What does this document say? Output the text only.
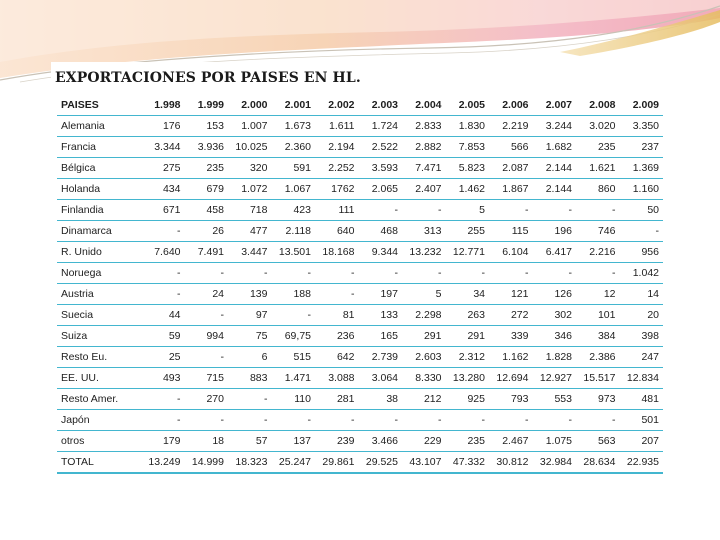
EXPORTACIONES POR PAISES EN HL.
PAISES	1.998	1.999	2.000	2.001	2.002	2.003	2.004	2.005	2.006	2.007	2.008	2.009
Alemania	176	153	1.007	1.673	1.611	1.724	2.833	1.830	2.219	3.244	3.020	3.350
Francia	3.344	3.936	10.025	2.360	2.194	2.522	2.882	7.853	566	1.682	235	237
Bélgica	275	235	320	591	2.252	3.593	7.471	5.823	2.087	2.144	1.621	1.369
Holanda	434	679	1.072	1.067	1762	2.065	2.407	1.462	1.867	2.144	860	1.160
Finlandia	671	458	718	423	111	-	-	5	-	-	-	50
Dinamarca	-	26	477	2.118	640	468	313	255	115	196	746	-
R. Unido	7.640	7.491	3.447	13.501	18.168	9.344	13.232	12.771	6.104	6.417	2.216	956
Noruega	-	-	-	-	-	-	-	-	-	-	-	1.042
Austria	-	24	139	188	-	197	5	34	121	126	12	14
Suecia	44	-	97	-	81	133	2.298	263	272	302	101	20
Suiza	59	994	75	69,75	236	165	291	291	339	346	384	398
Resto Eu.	25	-	6	515	642	2.739	2.603	2.312	1.162	1.828	2.386	247
EE. UU.	493	715	883	1.471	3.088	3.064	8.330	13.280	12.694	12.927	15.517	12.834
Resto Amer.	-	270	-	110	281	38	212	925	793	553	973	481
Japón	-	-	-	-	-	-	-	-	-	-	-	501
otros	179	18	57	137	239	3.466	229	235	2.467	1.075	563	207
TOTAL	13.249	14.999	18.323	25.247	29.861	29.525	43.107	47.332	30.812	32.984	28.634	22.935
